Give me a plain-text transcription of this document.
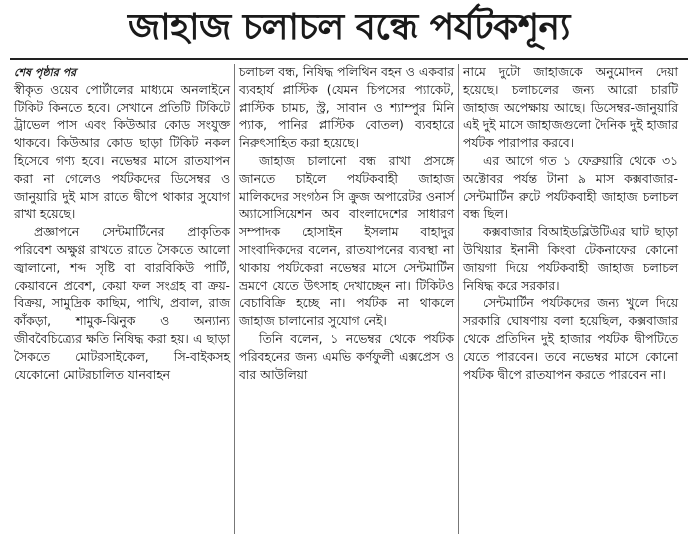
জাহাজ চলাচল বন্ধে পর্যটকশূন্য
শেষ পৃষ্ঠার পর

স্বীকৃত ওয়েব পোর্টালের মাধ্যমে অনলাইনে টিকিট কিনতে হবে। সেখানে প্রতিটি টিকিটে ট্রাভেল পাস এবং কিউআর কোড সংযুক্ত থাকবে। কিউআর কোড ছাড়া টিকিট নকল হিসেবে গণ্য হবে। নভেম্বর মাসে রাতযাপন করা না গেলেও পর্যটকদের ডিসেম্বর ও জানুয়ারি দুই মাস রাতে দ্বীপে থাকার সুযোগ রাখা হয়েছে।

প্রজ্ঞাপনে সেন্টমার্টিনের প্রাকৃতিক পরিবেশ অক্ষুণ্ণ রাখতে রাতে সৈকতে আলো জ্বালানো, শব্দ সৃষ্টি বা বারবিকিউ পার্টি, কেয়াবনে প্রবেশ, কেয়া ফল সংগ্রহ বা ক্রয়-বিক্রয়, সামুদ্রিক কাছিম, পাখি, প্রবাল, রাজ কাঁকড়া, শামুক-ঝিনুক ও অন্যান্য জীববৈচিত্র্যের ক্ষতি নিষিদ্ধ করা হয়। এ ছাড়া সৈকতে মোটরসাইকেল, সি-বাইকসহ যেকোনো মোটরচালিত যানবাহন

চলাচল বন্ধ, নিষিদ্ধ পলিথিন বহন ও একবার ব্যবহার্য প্লাস্টিক (যেমন চিপসের প্যাকেট, প্লাস্টিক চামচ, স্ট্র, সাবান ও শ্যাম্পুর মিনি প্যাক, পানির প্লাস্টিক বোতল) ব্যবহারে নিরুৎসাহিত করা হয়েছে।

জাহাজ চালানো বন্ধ রাখা প্রসঙ্গে জানতে চাইলে পর্যটকবাহী জাহাজ মালিকদের সংগঠন সি ক্রুজ অপারেটর ওনার্স অ্যাসোসিয়েশন অব বাংলাদেশের সাধারণ সম্পাদক হোসাইন ইসলাম বাহাদুর সাংবাদিকদের বলেন, রাতযাপনের ব্যবস্থা না থাকায় পর্যটকেরা নভেম্বর মাসে সেন্টমার্টিন ভ্রমণে যেতে উৎসাহ দেখাচ্ছেন না। টিকিটও বেচাবিক্রি হচ্ছে না। পর্যটক না থাকলে জাহাজ চালানোর সুযোগ নেই।

তিনি বলেন, ১ নভেম্বর থেকে পর্যটক পরিবহনের জন্য এমভি কর্ণফুলী এক্সপ্রেস ও বার আউলিয়া

নামে দুটো জাহাজকে অনুমোদন দেয়া হয়েছে। চলাচলের জন্য আরো চারটি জাহাজ অপেক্ষায় আছে। ডিসেম্বর-জানুয়ারি এই দুই মাসে জাহাজগুলো দৈনিক দুই হাজার পর্যটক পারাপার করবে।

এর আগে গত ১ ফেব্রুয়ারি থেকে ৩১ অক্টোবর পর্যন্ত টানা ৯ মাস কক্সবাজার-সেন্টমার্টিন রুটে পর্যটকবাহী জাহাজ চলাচল বন্ধ ছিল।

কক্সবাজার বিআইডব্লিউটিএর ঘাট ছাড়া উখিয়ার ইনানী কিংবা টেকনাফের কোনো জায়গা দিয়ে পর্যটকবাহী জাহাজ চলাচল নিষিদ্ধ করে সরকার।

সেন্টমার্টিন পর্যটকদের জন্য খুলে দিয়ে সরকারি ঘোষণায় বলা হয়েছিল, কক্সবাজার থেকে প্রতিদিন দুই হাজার পর্যটক দ্বীপটিতে যেতে পারবেন। তবে নভেম্বর মাসে কোনো পর্যটক দ্বীপে রাতযাপন করতে পারবেন না।
